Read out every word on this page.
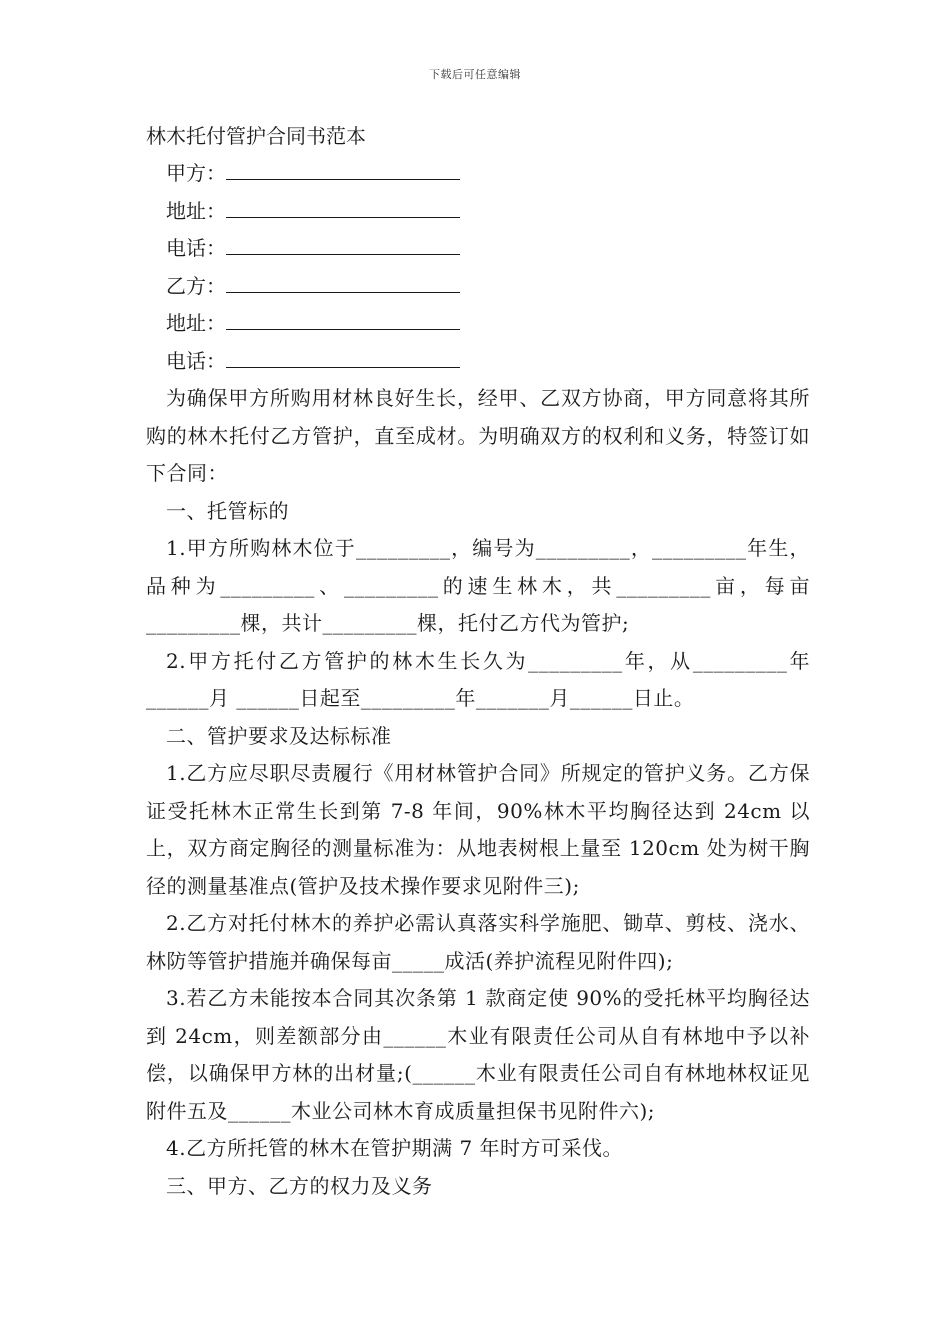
下载后可任意编辑
林木托付管护合同书范本
甲方：
地址：
电话：
乙方：
地址：
电话：

为确保甲方所购用材林良好生长，经甲、乙双方协商，甲方同意将其所购的林木托付乙方管护，直至成材。为明确双方的权利和义务，特签订如下合同：

一、托管标的

1.甲方所购林木位于_________，编号为_________，_________年生，品种为_________、_________的速生林木，共_________亩，每亩_________棵，共计_________棵，托付乙方代为管护;

2.甲方托付乙方管护的林木生长久为_________年，从_________年______月 ______日起至_________年_______月______日止。

二、管护要求及达标标准

1.乙方应尽职尽责履行《用材林管护合同》所规定的管护义务。乙方保证受托林木正常生长到第 7-8 年间，90%林木平均胸径达到 24cm 以上，双方商定胸径的测量标准为：从地表树根上量至 120cm 处为树干胸径的测量基准点(管护及技术操作要求见附件三);

2.乙方对托付林木的养护必需认真落实科学施肥、锄草、剪枝、浇水、林防等管护措施并确保每亩_____成活(养护流程见附件四);

3.若乙方未能按本合同其次条第 1 款商定使 90%的受托林平均胸径达到 24cm，则差额部分由______木业有限责任公司从自有林地中予以补偿，以确保甲方林的出材量;(______木业有限责任公司自有林地林权证见附件五及______木业公司林木育成质量担保书见附件六);

4.乙方所托管的林木在管护期满 7 年时方可采伐。

三、甲方、乙方的权力及义务
